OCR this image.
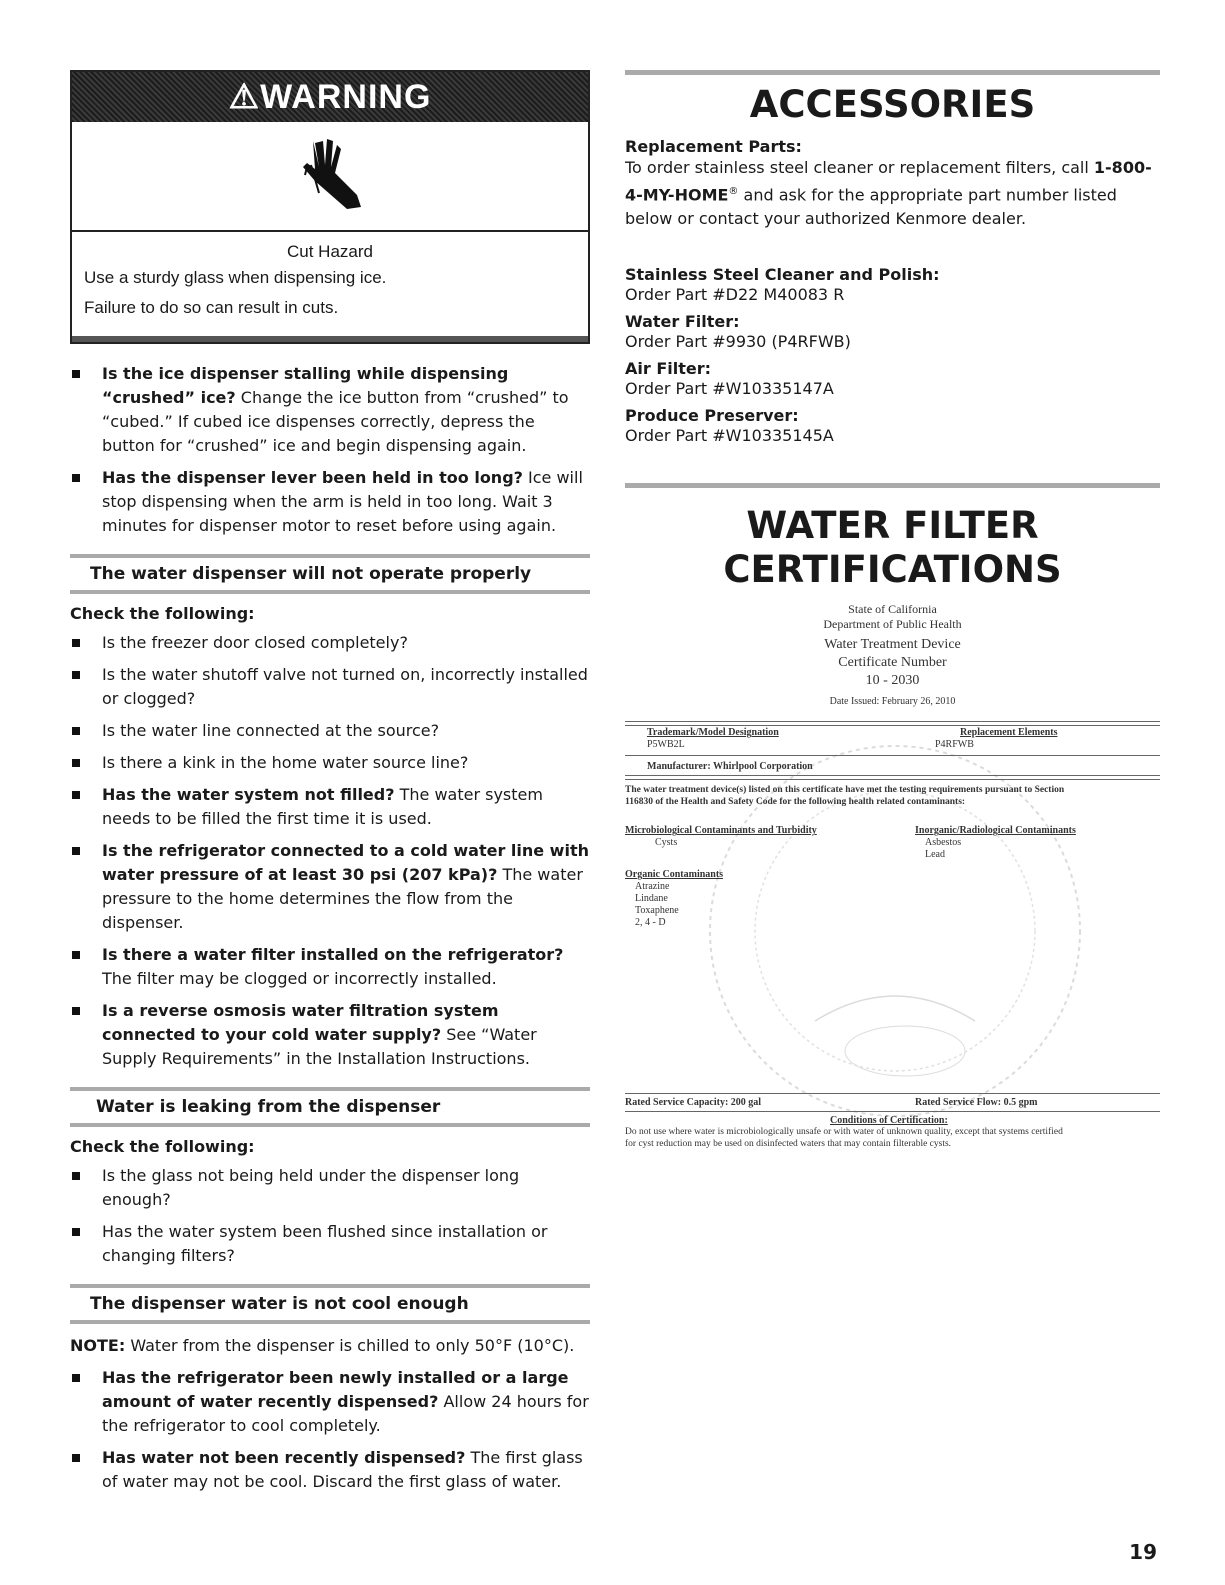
⚠WARNING
Cut Hazard
Use a sturdy glass when dispensing ice.
Failure to do so can result in cuts.
Is the ice dispenser stalling while dispensing “crushed” ice? Change the ice button from “crushed” to “cubed.” If cubed ice dispenses correctly, depress the button for “crushed” ice and begin dispensing again.
Has the dispenser lever been held in too long? Ice will stop dispensing when the arm is held in too long. Wait 3 minutes for dispenser motor to reset before using again.
The water dispenser will not operate properly
Check the following:
Is the freezer door closed completely?
Is the water shutoff valve not turned on, incorrectly installed or clogged?
Is the water line connected at the source?
Is there a kink in the home water source line?
Has the water system not filled? The water system needs to be filled the first time it is used.
Is the refrigerator connected to a cold water line with water pressure of at least 30 psi (207 kPa)? The water pressure to the home determines the flow from the dispenser.
Is there a water filter installed on the refrigerator? The filter may be clogged or incorrectly installed.
Is a reverse osmosis water filtration system connected to your cold water supply? See “Water Supply Requirements” in the Installation Instructions.
Water is leaking from the dispenser
Check the following:
Is the glass not being held under the dispenser long enough?
Has the water system been flushed since installation or changing filters?
The dispenser water is not cool enough
NOTE: Water from the dispenser is chilled to only 50°F (10°C).
Has the refrigerator been newly installed or a large amount of water recently dispensed? Allow 24 hours for the refrigerator to cool completely.
Has water not been recently dispensed? The first glass of water may not be cool. Discard the first glass of water.
ACCESSORIES
Replacement Parts:
To order stainless steel cleaner or replacement filters, call 1-800-4-MY-HOME® and ask for the appropriate part number listed below or contact your authorized Kenmore dealer.
Stainless Steel Cleaner and Polish:
Order Part #D22 M40083 R
Water Filter:
Order Part #9930 (P4RFWB)
Air Filter:
Order Part #W10335147A
Produce Preserver:
Order Part #W10335145A
WATER FILTER
CERTIFICATIONS
State of California
Department of Public Health
Water Treatment Device
Certificate Number
10 - 2030
Date Issued: February 26, 2010
Trademark/Model Designation
P5WB2L
Replacement Elements
P4RFWB
Manufacturer: Whirlpool Corporation
The water treatment device(s) listed on this certificate have met the testing requirements pursuant to Section
116830 of the Health and Safety Code for the following health related contaminants:
Microbiological Contaminants and Turbidity
Cysts
Inorganic/Radiological Contaminants
Asbestos
Lead
Organic Contaminants
Atrazine
Lindane
Toxaphene
2, 4 - D
Rated Service Capacity: 200 gal	Rated Service Flow: 0.5 gpm
Conditions of Certification:
Do not use where water is microbiologically unsafe or with water of unknown quality, except that systems certified
for cyst reduction may be used on disinfected waters that may contain filterable cysts.
19
